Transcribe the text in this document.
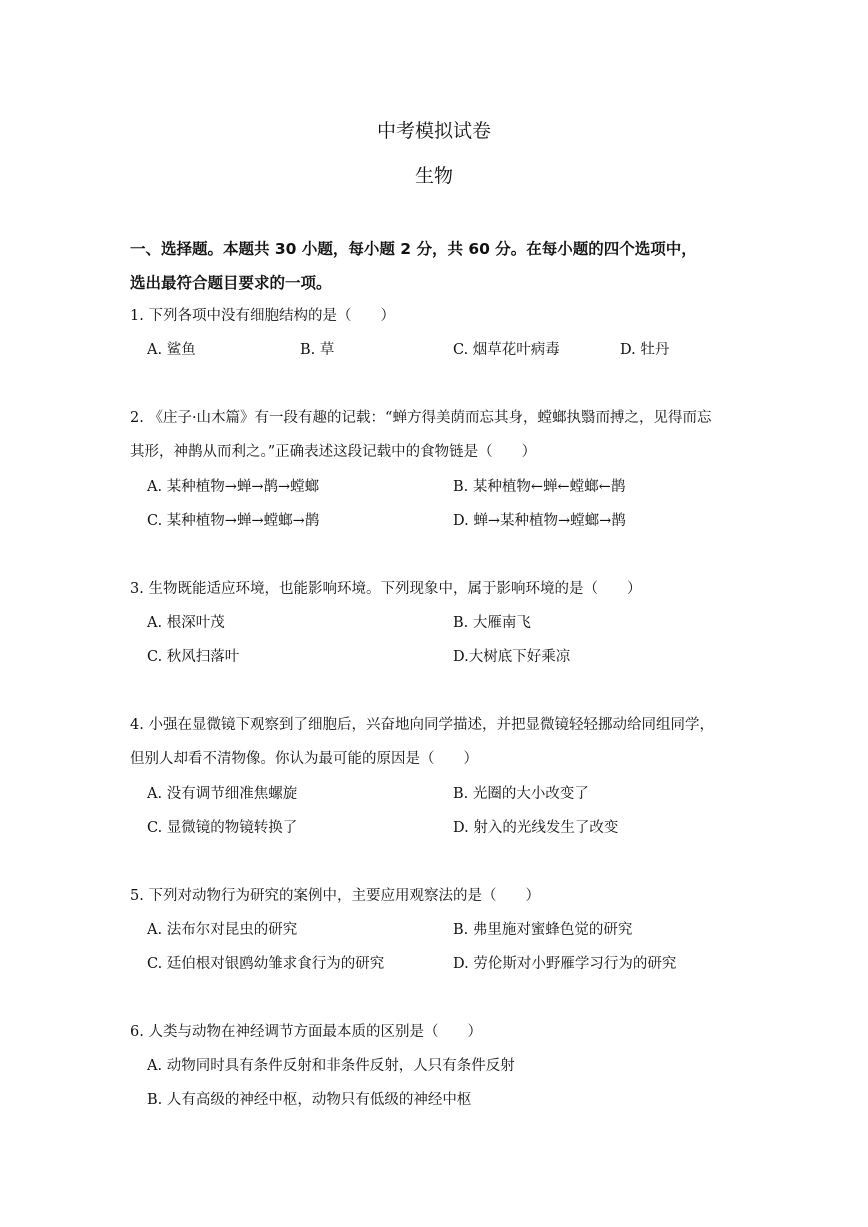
中考模拟试卷
生物
一、选择题。本题共 30 小题，每小题 2 分，共 60 分。在每小题的四个选项中，
选出最符合题目要求的一项。
1. 下列各项中没有细胞结构的是（　　）
A. 鲨鱼	B. 草	C. 烟草花叶病毒	D. 牡丹
2. 《庄子·山木篇》有一段有趣的记载：“蝉方得美荫而忘其身，螳螂执翳而搏之，见得而忘
其形，神鹊从而利之。”正确表述这段记载中的食物链是（　　）
A. 某种植物→蝉→鹊→螳螂	B. 某种植物←蝉←螳螂←鹊
C. 某种植物→蝉→螳螂→鹊	D. 蝉→某种植物→螳螂→鹊
3. 生物既能适应环境，也能影响环境。下列现象中，属于影响环境的是（　　）
A. 根深叶茂	B. 大雁南飞
C. 秋风扫落叶	D.大树底下好乘凉
4. 小强在显微镜下观察到了细胞后，兴奋地向同学描述，并把显微镜轻轻挪动给同组同学，
但别人却看不清物像。你认为最可能的原因是（　　）
A. 没有调节细准焦螺旋	B. 光圈的大小改变了
C. 显微镜的物镜转换了	D. 射入的光线发生了改变
5. 下列对动物行为研究的案例中，主要应用观察法的是（　　）
A. 法布尔对昆虫的研究	B. 弗里施对蜜蜂色觉的研究
C. 廷伯根对银鸥幼雏求食行为的研究	D. 劳伦斯对小野雁学习行为的研究
6. 人类与动物在神经调节方面最本质的区别是（　　）
A. 动物同时具有条件反射和非条件反射，人只有条件反射
B. 人有高级的神经中枢，动物只有低级的神经中枢
